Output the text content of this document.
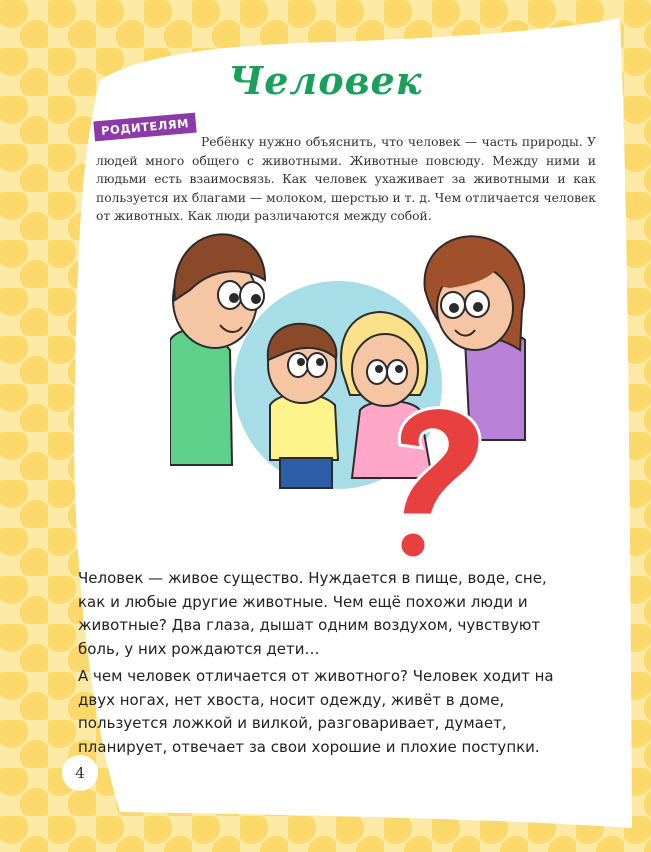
Человек
РОДИТЕЛЯМ

Ребёнку нужно объяснить, что человек — часть природы. У людей много общего с животными. Животные повсюду. Между ними и людьми есть взаимосвязь. Как человек ухаживает за животными и как пользуется их благами — молоком, шерстью и т. д. Чем отличается человек от животных. Как люди различаются между собой.

Человек — живое существо. Нуждается в пище, воде, сне, как и любые другие животные. Чем ещё похожи люди и животные? Два глаза, дышат одним воздухом, чувствуют боль, у них рождаются дети…

А чем человек отличается от животного? Человек ходит на двух ногах, нет хвоста, носит одежду, живёт в доме, пользуется ложкой и вилкой, разговаривает, думает, планирует, отвечает за свои хорошие и плохие поступки.

4
